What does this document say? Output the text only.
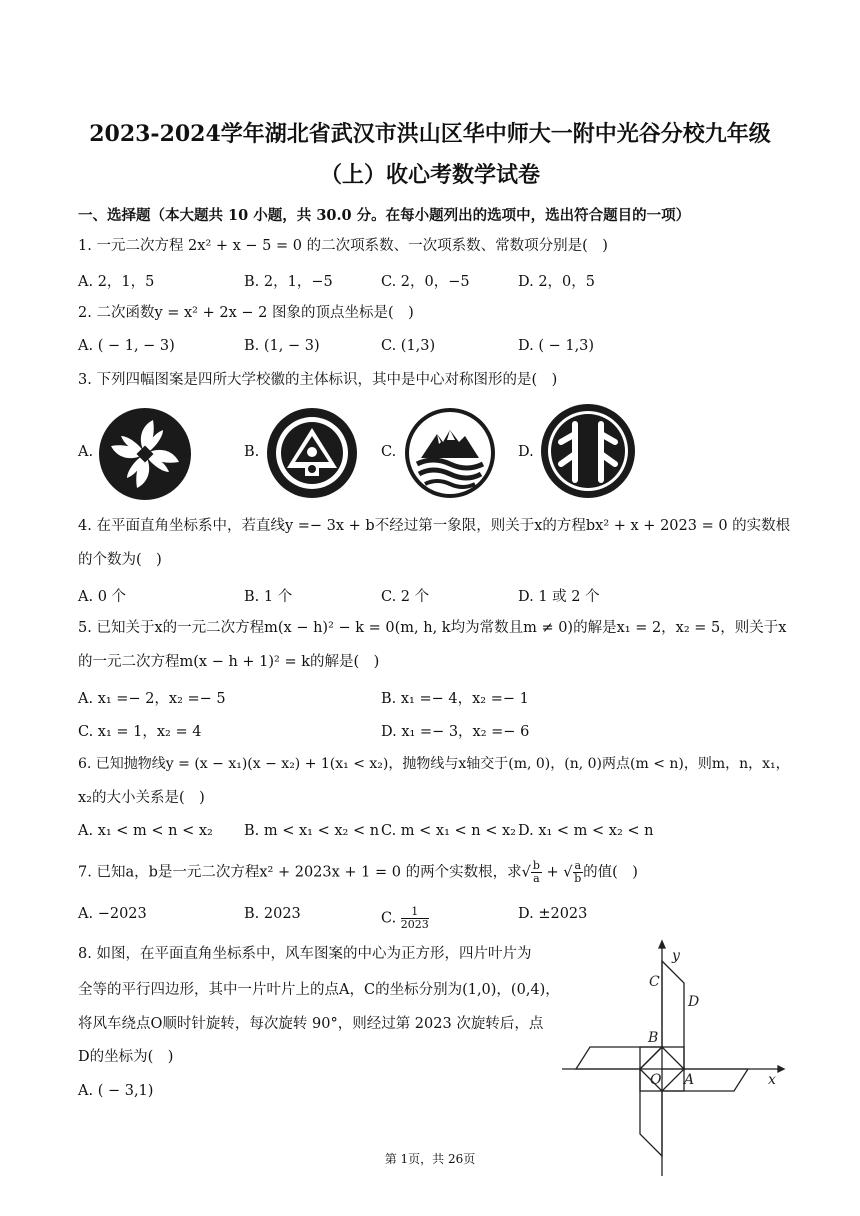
2023-2024学年湖北省武汉市洪山区华中师大一附中光谷分校九年级
（上）收心考数学试卷
一、选择题（本大题共 10 小题，共 30.0 分。在每小题列出的选项中，选出符合题目的一项）
1. 一元二次方程 2x² + x − 5 = 0 的二次项系数、一次项系数、常数项分别是(　)
A. 2，1，5	B. 2，1，−5	C. 2，0，−5	D. 2，0，5
2. 二次函数y = x² + 2x − 2 图象的顶点坐标是(　)
A. ( − 1, − 3)	B. (1, − 3)	C. (1,3)	D. ( − 1,3)
3. 下列四幅图案是四所大学校徽的主体标识，其中是中心对称图形的是(　)
A.	B.	C.	D.
4. 在平面直角坐标系中，若直线y =− 3x + b不经过第一象限，则关于x的方程bx² + x + 2023 = 0 的实数根
的个数为(　)
A. 0 个	B. 1 个	C. 2 个	D. 1 或 2 个
5. 已知关于x的一元二次方程m(x − h)² − k = 0(m, h, k均为常数且m ≠ 0)的解是x₁ = 2，x₂ = 5，则关于x
的一元二次方程m(x − h + 1)² = k的解是(　)
A. x₁ =− 2，x₂ =− 5	B. x₁ =− 4，x₂ =− 1
C. x₁ = 1，x₂ = 4	D. x₁ =− 3，x₂ =− 6
6. 已知抛物线y = (x − x₁)(x − x₂) + 1(x₁ < x₂)，抛物线与x轴交于(m, 0)，(n, 0)两点(m < n)，则m，n，x₁，
x₂的大小关系是(　)
A. x₁ < m < n < x₂ B. m < x₁ < x₂ < n C. m < x₁ < n < x₂ D. x₁ < m < x₂ < n
7. 已知a，b是一元二次方程x² + 2023x + 1 = 0 的两个实数根，求√ $\frac{b}{a}$ + √ $\frac{a}{b}$ 的值(　)
A. −2023	B. 2023	C. $\frac{1}{2023}$	D. ±2023
8. 如图，在平面直角坐标系中，风车图案的中心为正方形，四片叶片为
全等的平行四边形，其中一片叶片上的点A，C的坐标分别为(1,0)，(0,4)，
将风车绕点O顺时针旋转，每次旋转 90°，则经过第 2023 次旋转后，点
D的坐标为(　)
A. ( − 3,1)
y
x
C
D
B
O A
第 1页，共 26页
